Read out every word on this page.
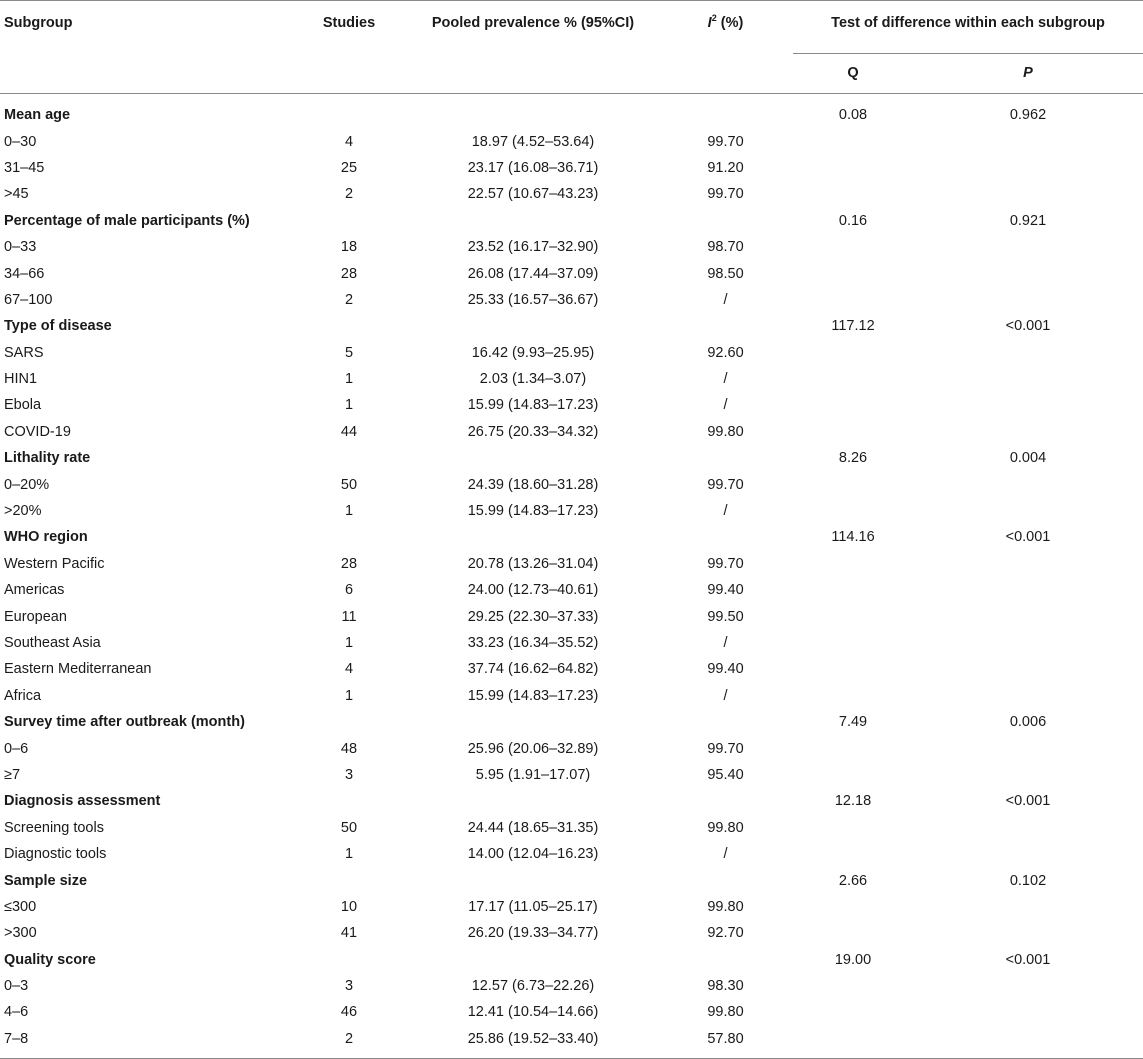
Subgroup	Studies	Pooled prevalence % (95%CI)	$I^2$ (%)	Test of difference within each subgroup	
				Q	P
Mean age				0.08	0.962
0–30	4	18.97 (4.52–53.64)	99.70		
31–45	25	23.17 (16.08–36.71)	91.20		
>45	2	22.57 (10.67–43.23)	99.70		
Percentage of male participants (%)				0.16	0.921
0–33	18	23.52 (16.17–32.90)	98.70		
34–66	28	26.08 (17.44–37.09)	98.50		
67–100	2	25.33 (16.57–36.67)	/		
Type of disease				117.12	<0.001
SARS	5	16.42 (9.93–25.95)	92.60		
HIN1	1	2.03 (1.34–3.07)	/		
Ebola	1	15.99 (14.83–17.23)	/		
COVID-19	44	26.75 (20.33–34.32)	99.80		
Lithality rate				8.26	0.004
0–20%	50	24.39 (18.60–31.28)	99.70		
>20%	1	15.99 (14.83–17.23)	/		
WHO region				114.16	<0.001
Western Pacific	28	20.78 (13.26–31.04)	99.70		
Americas	6	24.00 (12.73–40.61)	99.40		
European	11	29.25 (22.30–37.33)	99.50		
Southeast Asia	1	33.23 (16.34–35.52)	/		
Eastern Mediterranean	4	37.74 (16.62–64.82)	99.40		
Africa	1	15.99 (14.83–17.23)	/		
Survey time after outbreak (month)				7.49	0.006
0–6	48	25.96 (20.06–32.89)	99.70		
≥7	3	5.95 (1.91–17.07)	95.40		
Diagnosis assessment				12.18	<0.001
Screening tools	50	24.44 (18.65–31.35)	99.80		
Diagnostic tools	1	14.00 (12.04–16.23)	/		
Sample size				2.66	0.102
≤300	10	17.17 (11.05–25.17)	99.80		
>300	41	26.20 (19.33–34.77)	92.70		
Quality score				19.00	<0.001
0–3	3	12.57 (6.73–22.26)	98.30		
4–6	46	12.41 (10.54–14.66)	99.80		
7–8	2	25.86 (19.52–33.40)	57.80		
